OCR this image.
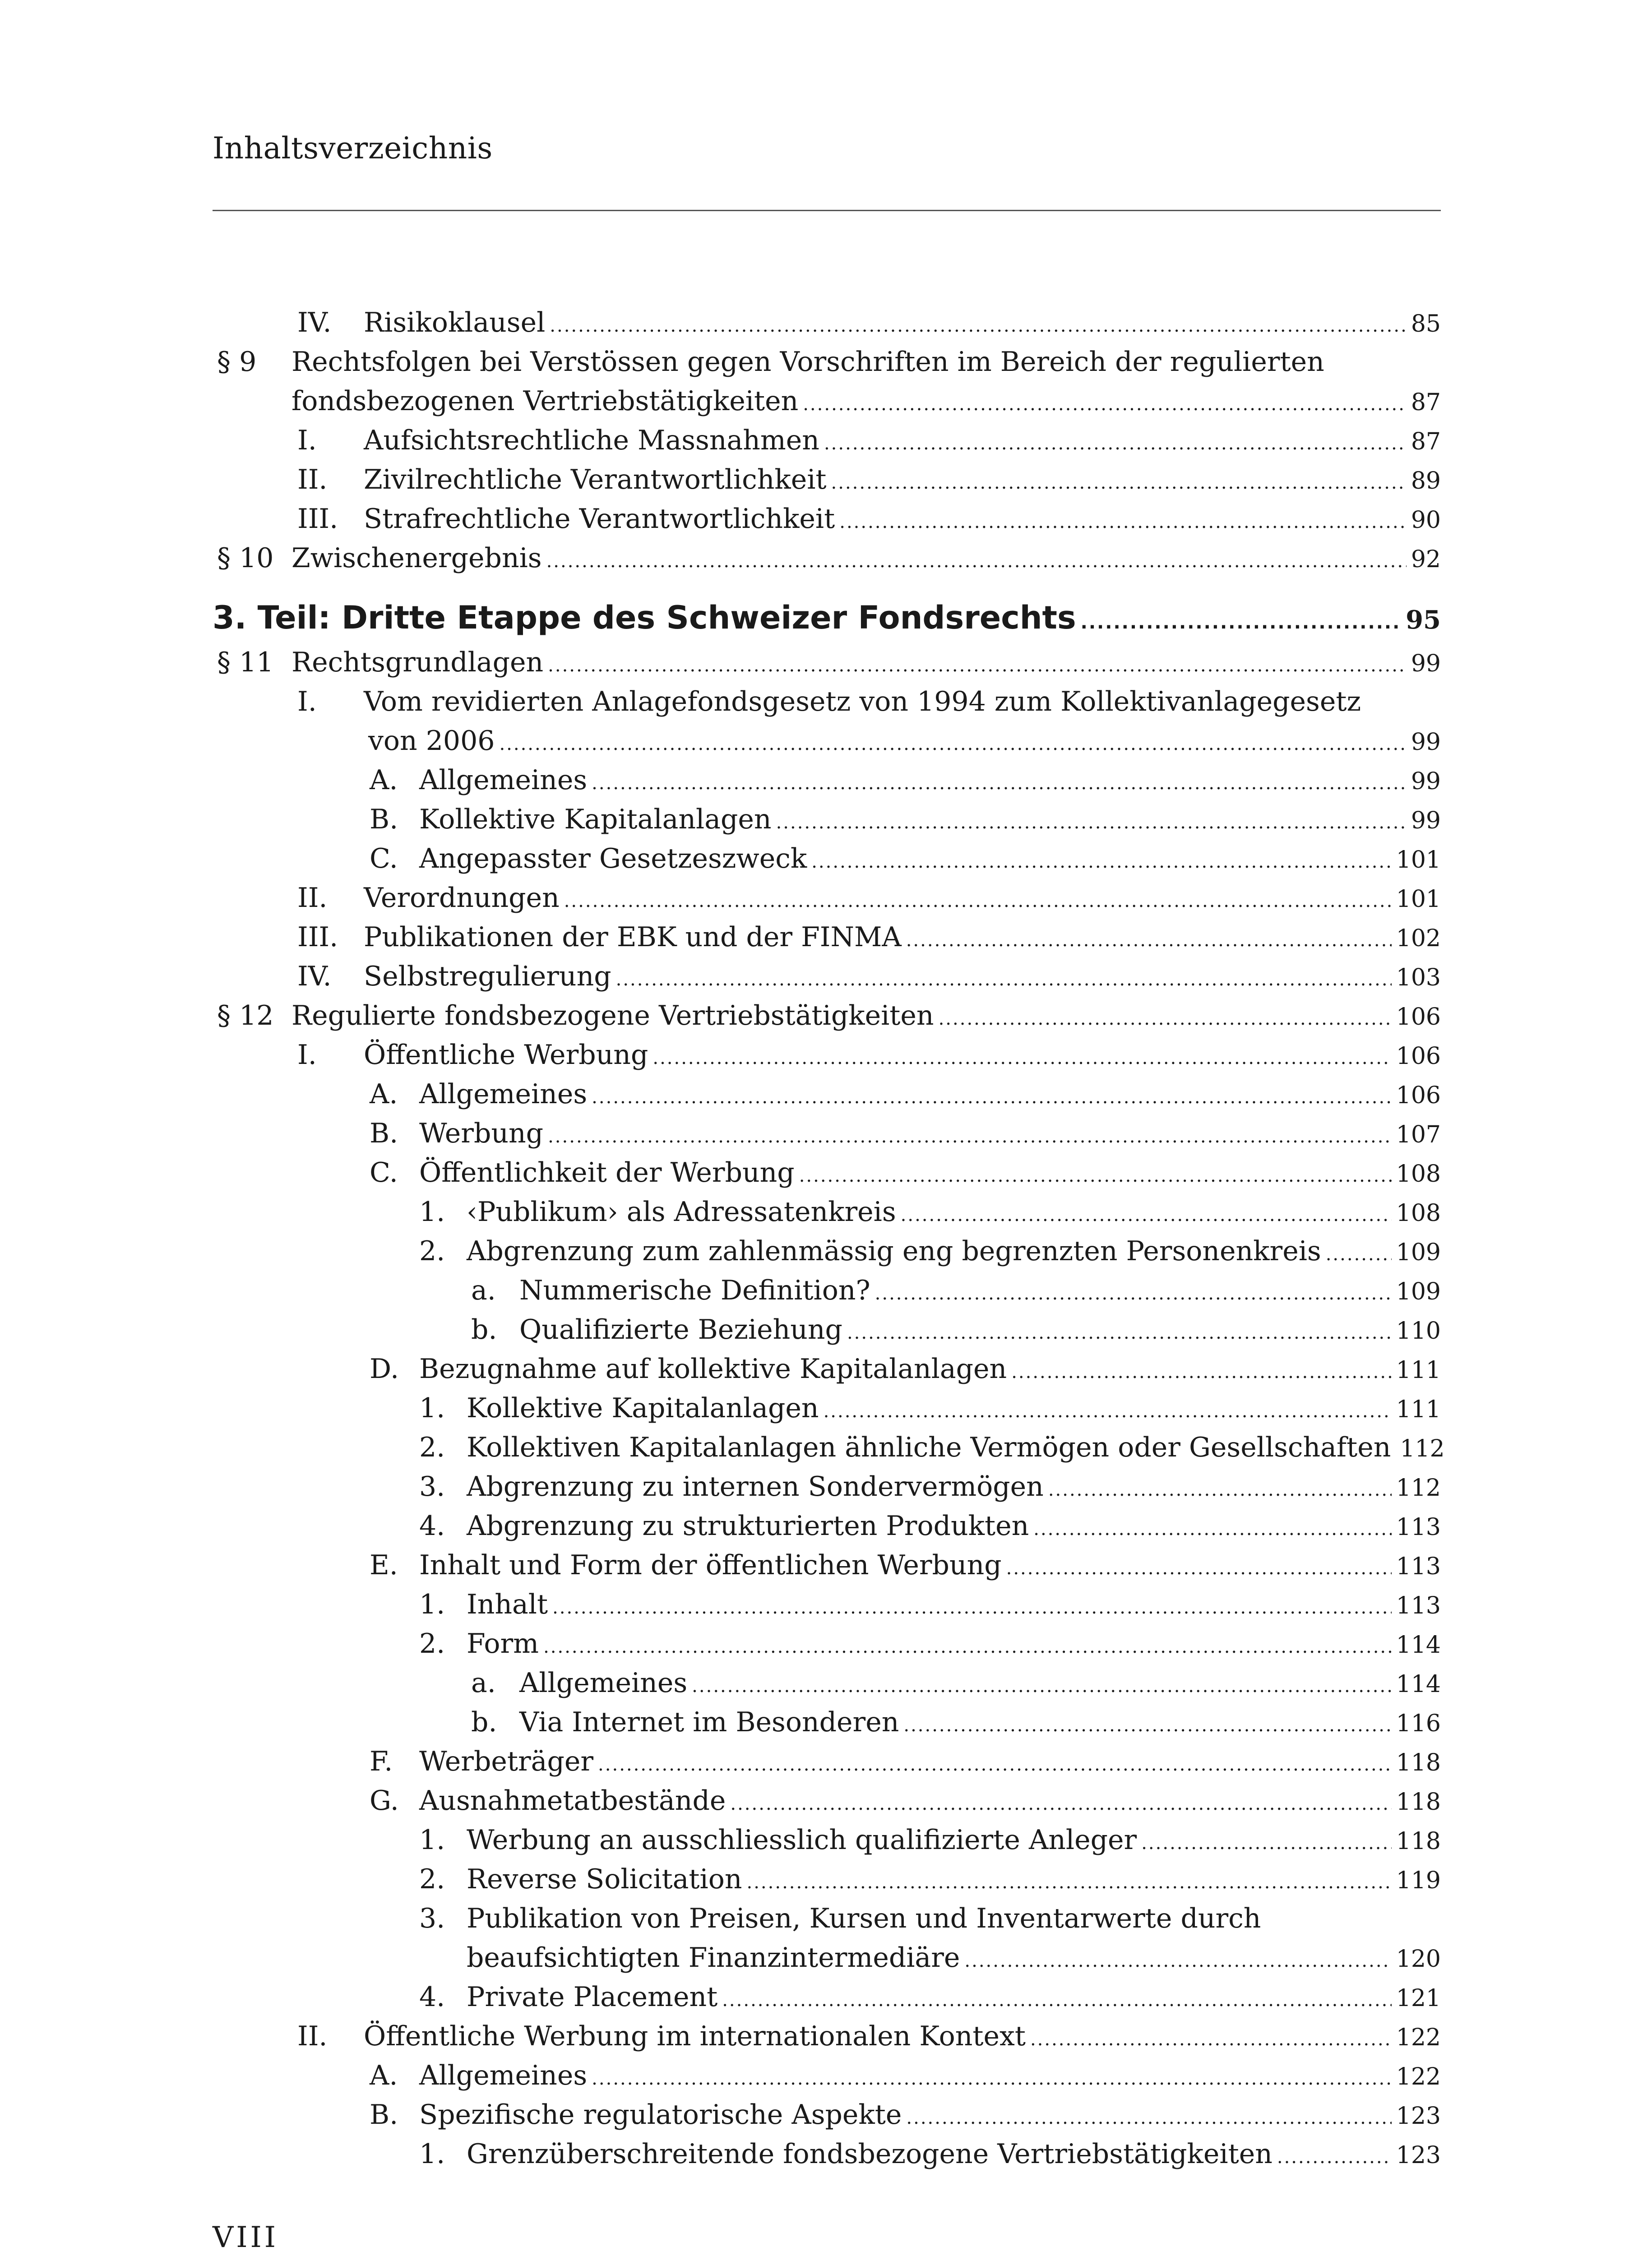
Inhaltsverzeichnis
IV. Risikoklausel .....	85
§ 9 Rechtsfolgen bei Verstössen gegen Vorschriften im Bereich der regulierten
fondsbezogenen Vertriebstätigkeiten .....	87
I. Aufsichtsrechtliche Massnahmen .....	87
II. Zivilrechtliche Verantwortlichkeit .....	89
III. Strafrechtliche Verantwortlichkeit .....	90
§ 10 Zwischenergebnis .....	92
3. Teil: Dritte Etappe des Schweizer Fondsrechts .....	95
§ 11 Rechtsgrundlagen .....	99
I. Vom revidierten Anlagefondsgesetz von 1994 zum Kollektivanlagegesetz
von 2006 .....	99
A. Allgemeines .....	99
B. Kollektive Kapitalanlagen .....	99
C. Angepasster Gesetzeszweck .....	101
II. Verordnungen .....	101
III. Publikationen der EBK und der FINMA .....	102
IV. Selbstregulierung .....	103
§ 12 Regulierte fondsbezogene Vertriebstätigkeiten .....	106
I. Öffentliche Werbung .....	106
A. Allgemeines .....	106
B. Werbung .....	107
C. Öffentlichkeit der Werbung .....	108
1. ‹Publikum› als Adressatenkreis .....	108
2. Abgrenzung zum zahlenmässig eng begrenzten Personenkreis .....	109
a. Nummerische Definition? .....	109
b. Qualifizierte Beziehung .....	110
D. Bezugnahme auf kollektive Kapitalanlagen .....	111
1. Kollektive Kapitalanlagen .....	111
2. Kollektiven Kapitalanlagen ähnliche Vermögen oder Gesellschaften 112
3. Abgrenzung zu internen Sondervermögen .....	112
4. Abgrenzung zu strukturierten Produkten .....	113
E. Inhalt und Form der öffentlichen Werbung .....	113
1. Inhalt .....	113
2. Form .....	114
a. Allgemeines .....	114
b. Via Internet im Besonderen .....	116
F. Werbeträger .....	118
G. Ausnahmetatbestände .....	118
1. Werbung an ausschliesslich qualifizierte Anleger .....	118
2. Reverse Solicitation .....	119
3. Publikation von Preisen, Kursen und Inventarwerte durch
beaufsichtigten Finanzintermediäre .....	120
4. Private Placement .....	121
II. Öffentliche Werbung im internationalen Kontext .....	122
A. Allgemeines .....	122
B. Spezifische regulatorische Aspekte .....	123
1. Grenzüberschreitende fondsbezogene Vertriebstätigkeiten .....	123
VIII
